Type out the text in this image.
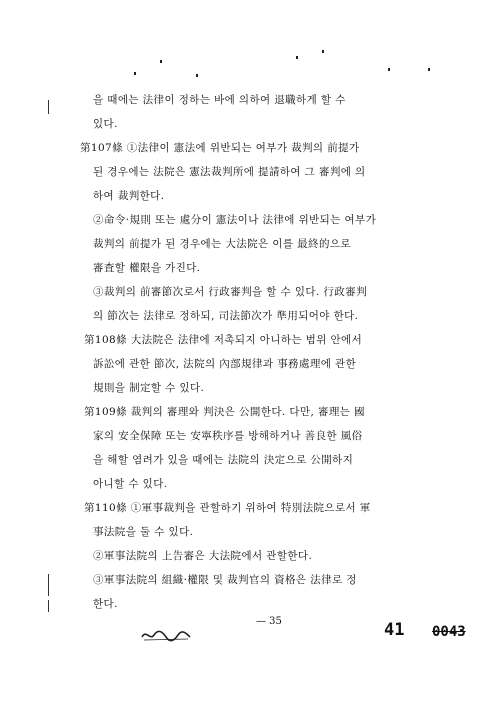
을 때에는 法律이 정하는 바에 의하여 退職하게 할 수
있다.
第107條 ①法律이 憲法에 위반되는 여부가 裁判의 前提가
된 경우에는 法院은 憲法裁判所에 提請하여 그 審判에 의
하여 裁判한다.
②命令·規則 또는 處分이 憲法이나 法律에 위반되는 여부가
裁判의 前提가 된 경우에는 大法院은 이를 最終的으로
審査할 權限을 가진다.
③裁判의 前審節次로서 行政審判을 할 수 있다. 行政審判
의 節次는 法律로 정하되, 司法節次가 準用되어야 한다.
第108條 大法院은 法律에 저촉되지 아니하는 범위 안에서
訴訟에 관한 節次, 法院의 內部規律과 事務處理에 관한
規則을 制定할 수 있다.
第109條 裁判의 審理와 判決은 公開한다. 다만, 審理는 國
家의 安全保障 또는 安寧秩序를 방해하거나 善良한 風俗
을 해할 염려가 있을 때에는 法院의 決定으로 公開하지
아니할 수 있다.
第110條 ①軍事裁判을 관할하기 위하여 特別法院으로서 軍
事法院을 둘 수 있다.
②軍事法院의 上告審은 大法院에서 관할한다.
③軍事法院의 組織·權限 및 裁判官의 資格은 法律로 정
한다.
— 35	41 0043
